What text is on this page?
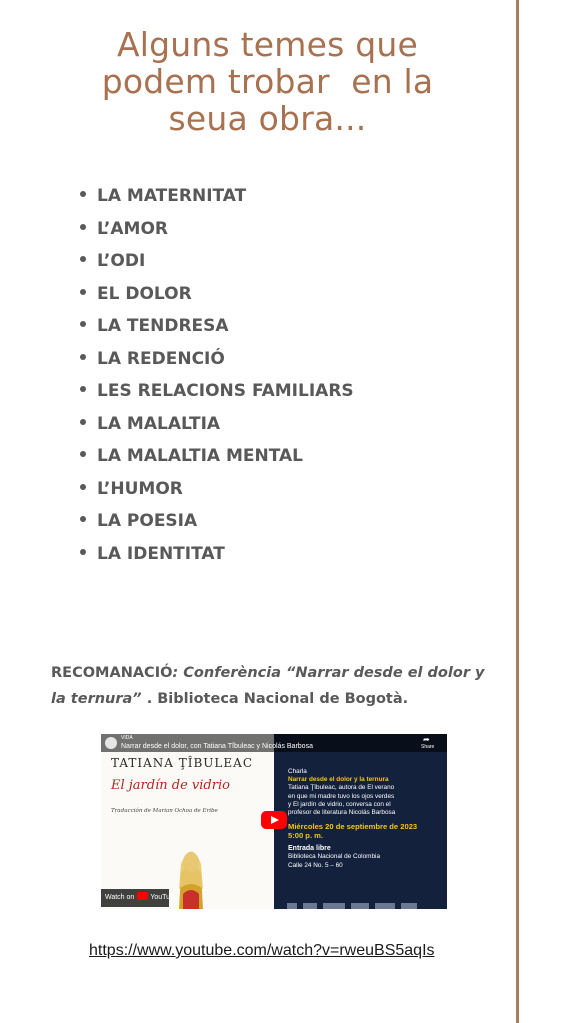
Alguns temes que
podem trobar  en la
seua obra...
LA MATERNITAT
L’AMOR
L’ODI
EL DOLOR
LA TENDRESA
LA REDENCIÓ
LES RELACIONS FAMILIARS
LA MALALTIA
LA MALALTIA MENTAL
L’HUMOR
LA POESIA
LA IDENTITAT

RECOMANACIÓ: Conferència “Narrar desde el dolor y la ternura” . Biblioteca Nacional de Bogotà.

TATIANA ŢÎBULEAC
El jardín de vidrio
Traducción de Marian Ochoa de Eribe
VIDA
Narrar desde el dolor, con Tatiana Tîbuleac y Nicolás Barbosa
➦
Share
Charla
Narrar desde el dolor y la ternura
Tatiana Ţîbuleac, autora de El verano
en que mi madre tuvo los ojos verdes
y El jardín de vidrio, conversa con el
profesor de literatura Nicolás Barbosa
Miércoles 20 de septiembre de 2023
5:00 p. m.
Entrada libre
Biblioteca Nacional de Colombia
Calle 24 No. 5 – 60
Watch on YouTube
https://www.youtube.com/watch?v=rweuBS5aqIs
